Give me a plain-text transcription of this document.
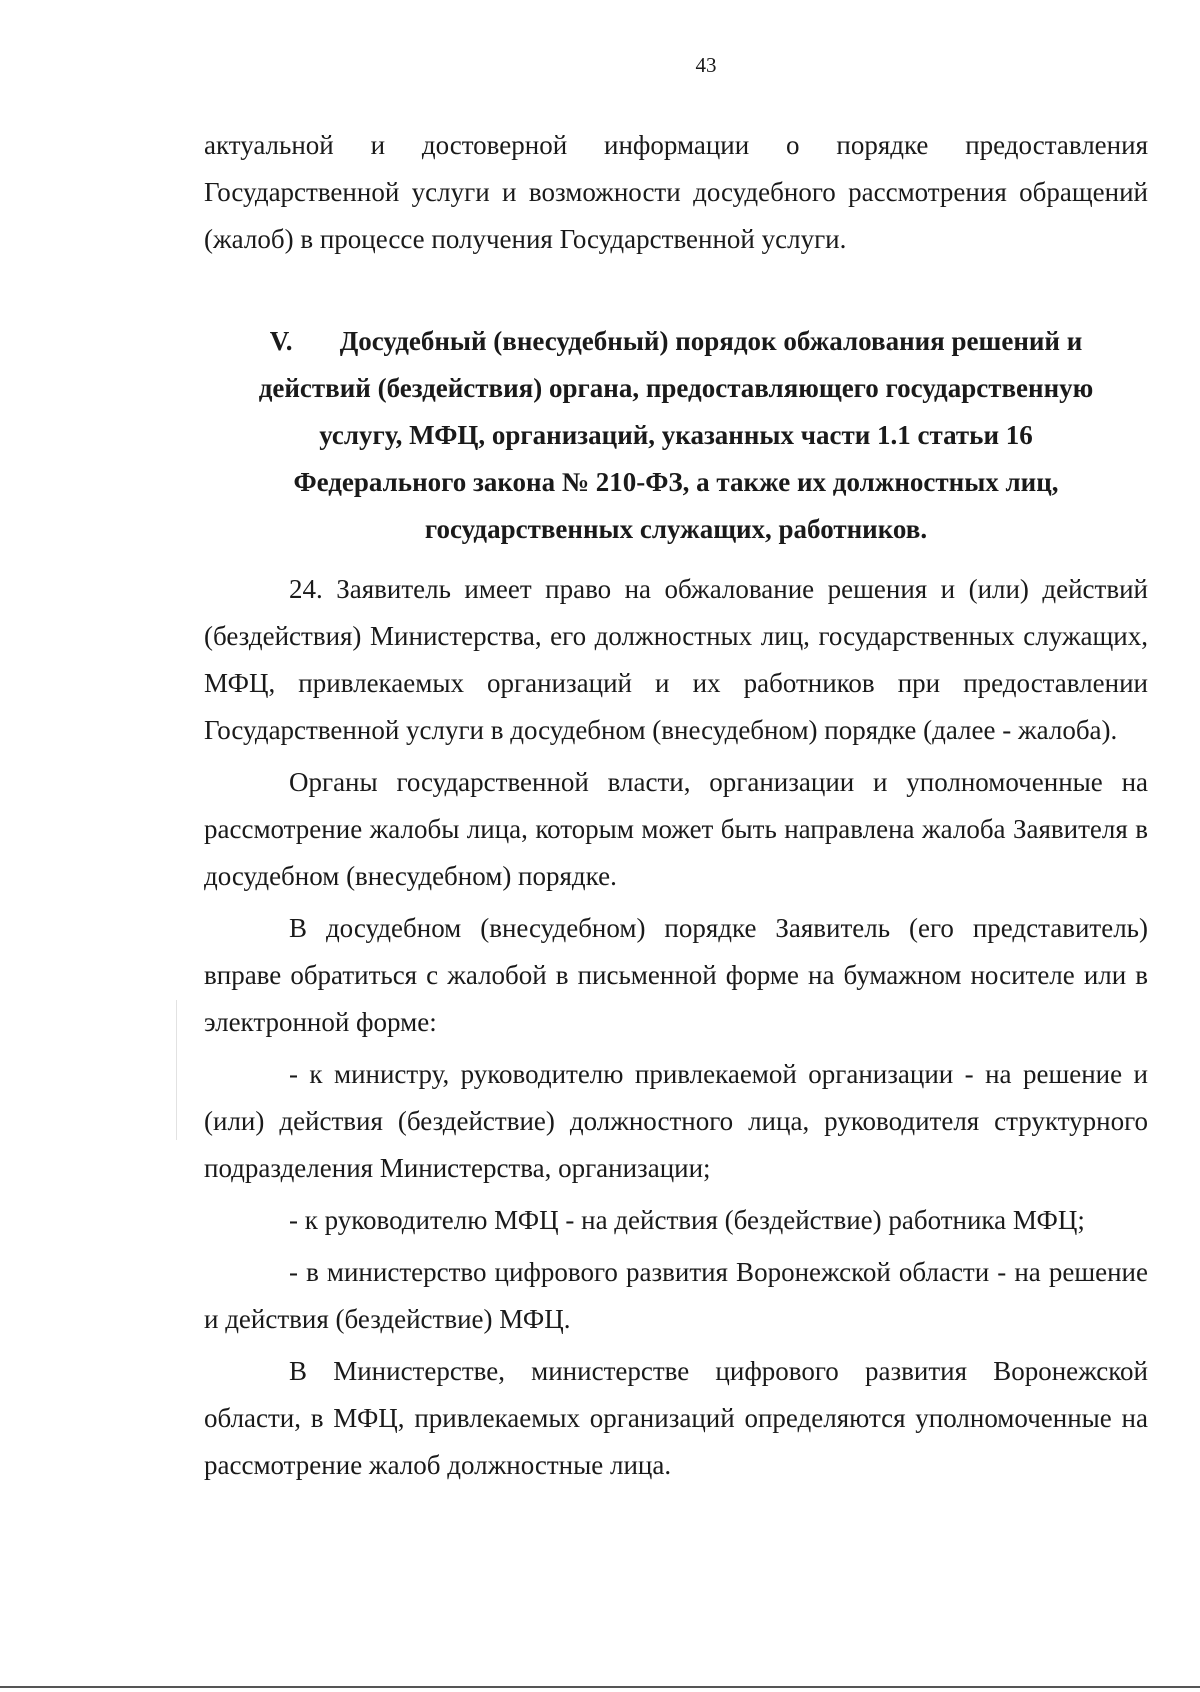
43

актуальной и достоверной информации о порядке предоставления Государственной услуги и возможности досудебного рассмотрения обращений (жалоб) в процессе получения Государственной услуги.

V. Досудебный (внесудебный) порядок обжалования решений и
действий (бездействия) органа, предоставляющего государственную
услугу, МФЦ, организаций, указанных части 1.1 статьи 16
Федерального закона № 210-ФЗ, а также их должностных лиц,
государственных служащих, работников.

24. Заявитель имеет право на обжалование решения и (или) действий (бездействия) Министерства, его должностных лиц, государственных служащих, МФЦ, привлекаемых организаций и их работников при предоставлении Государственной услуги в досудебном (внесудебном) порядке (далее - жалоба).

Органы государственной власти, организации и уполномоченные на рассмотрение жалобы лица, которым может быть направлена жалоба Заявителя в досудебном (внесудебном) порядке.

В досудебном (внесудебном) порядке Заявитель (его представитель) вправе обратиться с жалобой в письменной форме на бумажном носителе или в электронной форме:

- к министру, руководителю привлекаемой организации - на решение и (или) действия (бездействие) должностного лица, руководителя структурного подразделения Министерства, организации;

- к руководителю МФЦ - на действия (бездействие) работника МФЦ;

- в министерство цифрового развития Воронежской области - на решение и действия (бездействие) МФЦ.

В Министерстве, министерстве цифрового развития Воронежской области, в МФЦ, привлекаемых организаций определяются уполномоченные на рассмотрение жалоб должностные лица.
